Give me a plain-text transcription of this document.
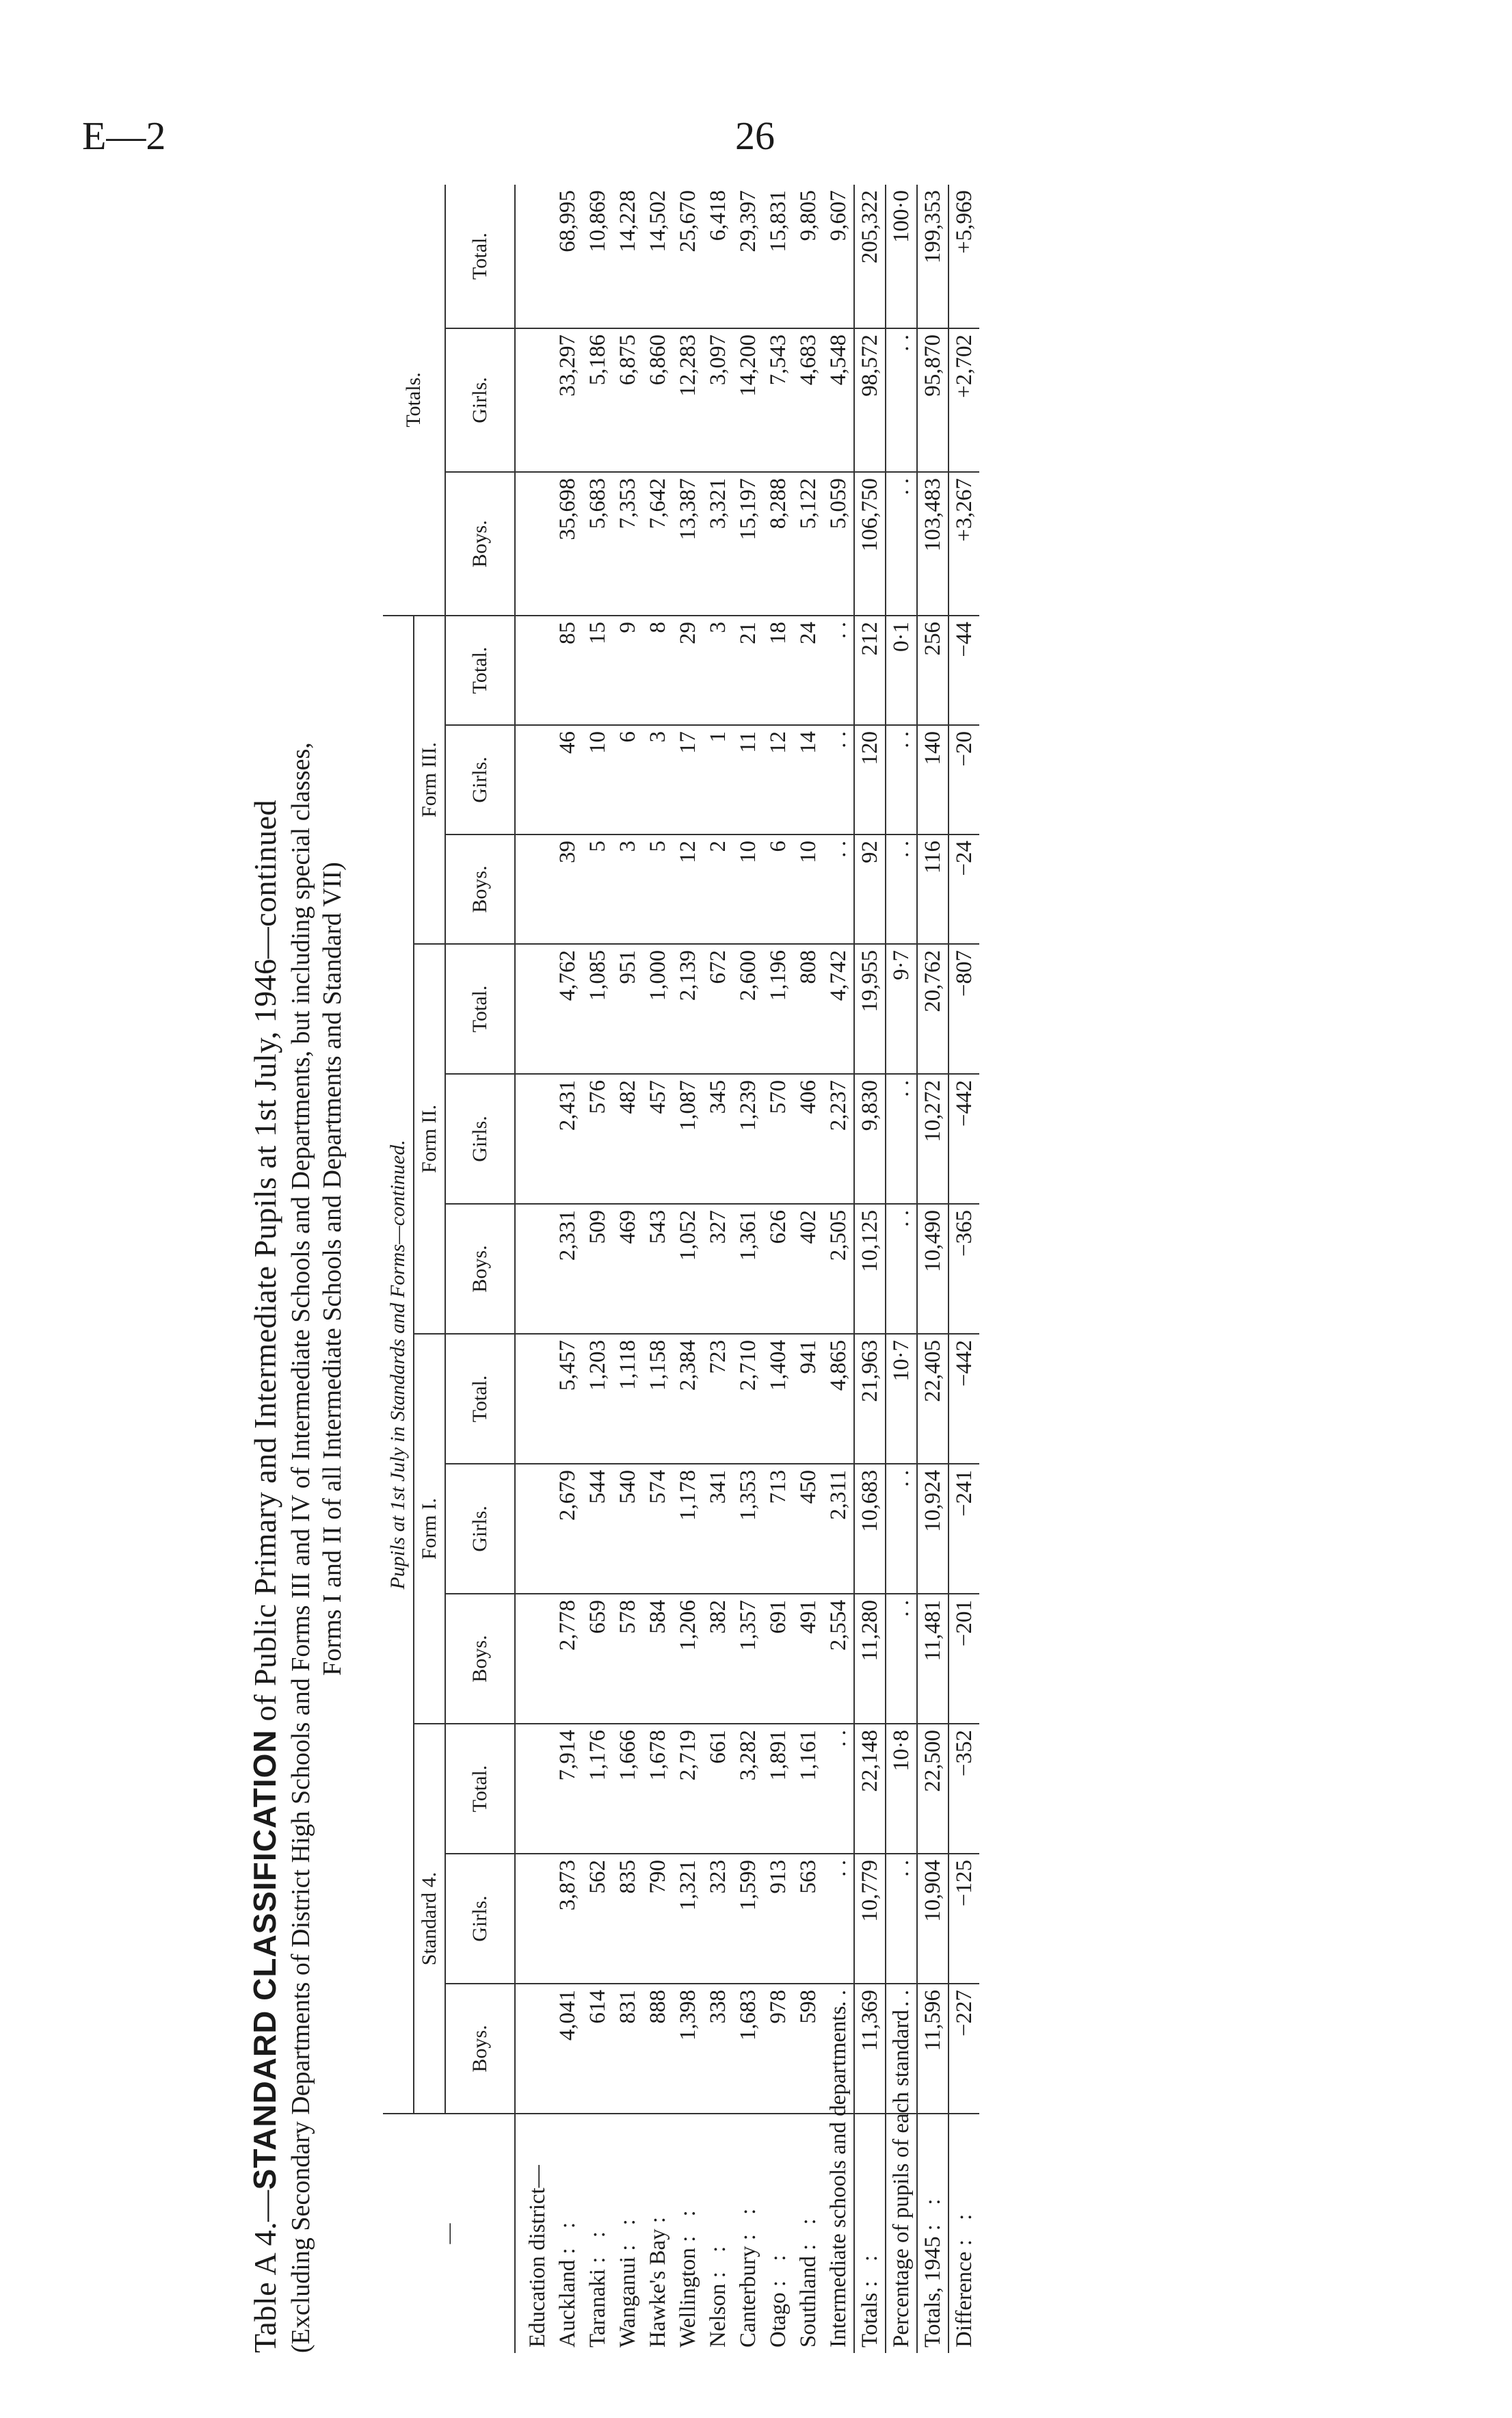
E—2	26
Table A 4.—STANDARD CLASSIFICATION of Public Primary and Intermediate Pupils at 1st July, 1946—continued (Excluding Secondary Departments of District High Schools and Forms III and IV of Intermediate Schools and Departments, but including special classes, Forms I and II of all Intermediate Schools and Departments and Standard VII)
—	Pupils at 1st July in Standards and Forms—continued.												Totals.		
	Standard 4.			Form I.			Form II.			Form III.					
	Boys.	Girls.	Total.	Boys.	Girls.	Total.	Boys.	Girls.	Total.	Boys.	Girls.	Total.	Boys.	Girls.	Total.
Education district—															
Auckland : :	4,041	3,873	7,914	2,778	2,679	5,457	2,331	2,431	4,762	39	46	85	35,698	33,297	68,995
Taranaki : :	614	562	1,176	659	544	1,203	509	576	1,085	5	10	15	5,683	5,186	10,869
Wanganui : :	831	835	1,666	578	540	1,118	469	482	951	3	6	9	7,353	6,875	14,228
Hawke's Bay :	888	790	1,678	584	574	1,158	543	457	1,000	5	3	8	7,642	6,860	14,502
Wellington : :	1,398	1,321	2,719	1,206	1,178	2,384	1,052	1,087	2,139	12	17	29	13,387	12,283	25,670
Nelson : :	338	323	661	382	341	723	327	345	672	2	1	3	3,321	3,097	6,418
Canterbury : :	1,683	1,599	3,282	1,357	1,353	2,710	1,361	1,239	2,600	10	11	21	15,197	14,200	29,397
Otago : :	978	913	1,891	691	713	1,404	626	570	1,196	6	12	18	8,288	7,543	15,831
Southland : :	598	563	1,161	491	450	941	402	406	808	10	14	24	5,122	4,683	9,805
Intermediate schools and departments	. .	. .	. .	2,554	2,311	4,865	2,505	2,237	4,742	. .	. .	. .	5,059	4,548	9,607
Totals : :	11,369	10,779	22,148	11,280	10,683	21,963	10,125	9,830	19,955	92	120	212	106,750	98,572	205,322
Percentage of pupils of each standard	. .	. .	10·8	. .	. .	10·7	. .	. .	9·7	. .	. .	0·1	. .	. .	100·0
Totals, 1945 : :	11,596	10,904	22,500	11,481	10,924	22,405	10,490	10,272	20,762	116	140	256	103,483	95,870	199,353
Difference : :	−227	−125	−352	−201	−241	−442	−365	−442	−807	−24	−20	−44	+3,267	+2,702	+5,969
